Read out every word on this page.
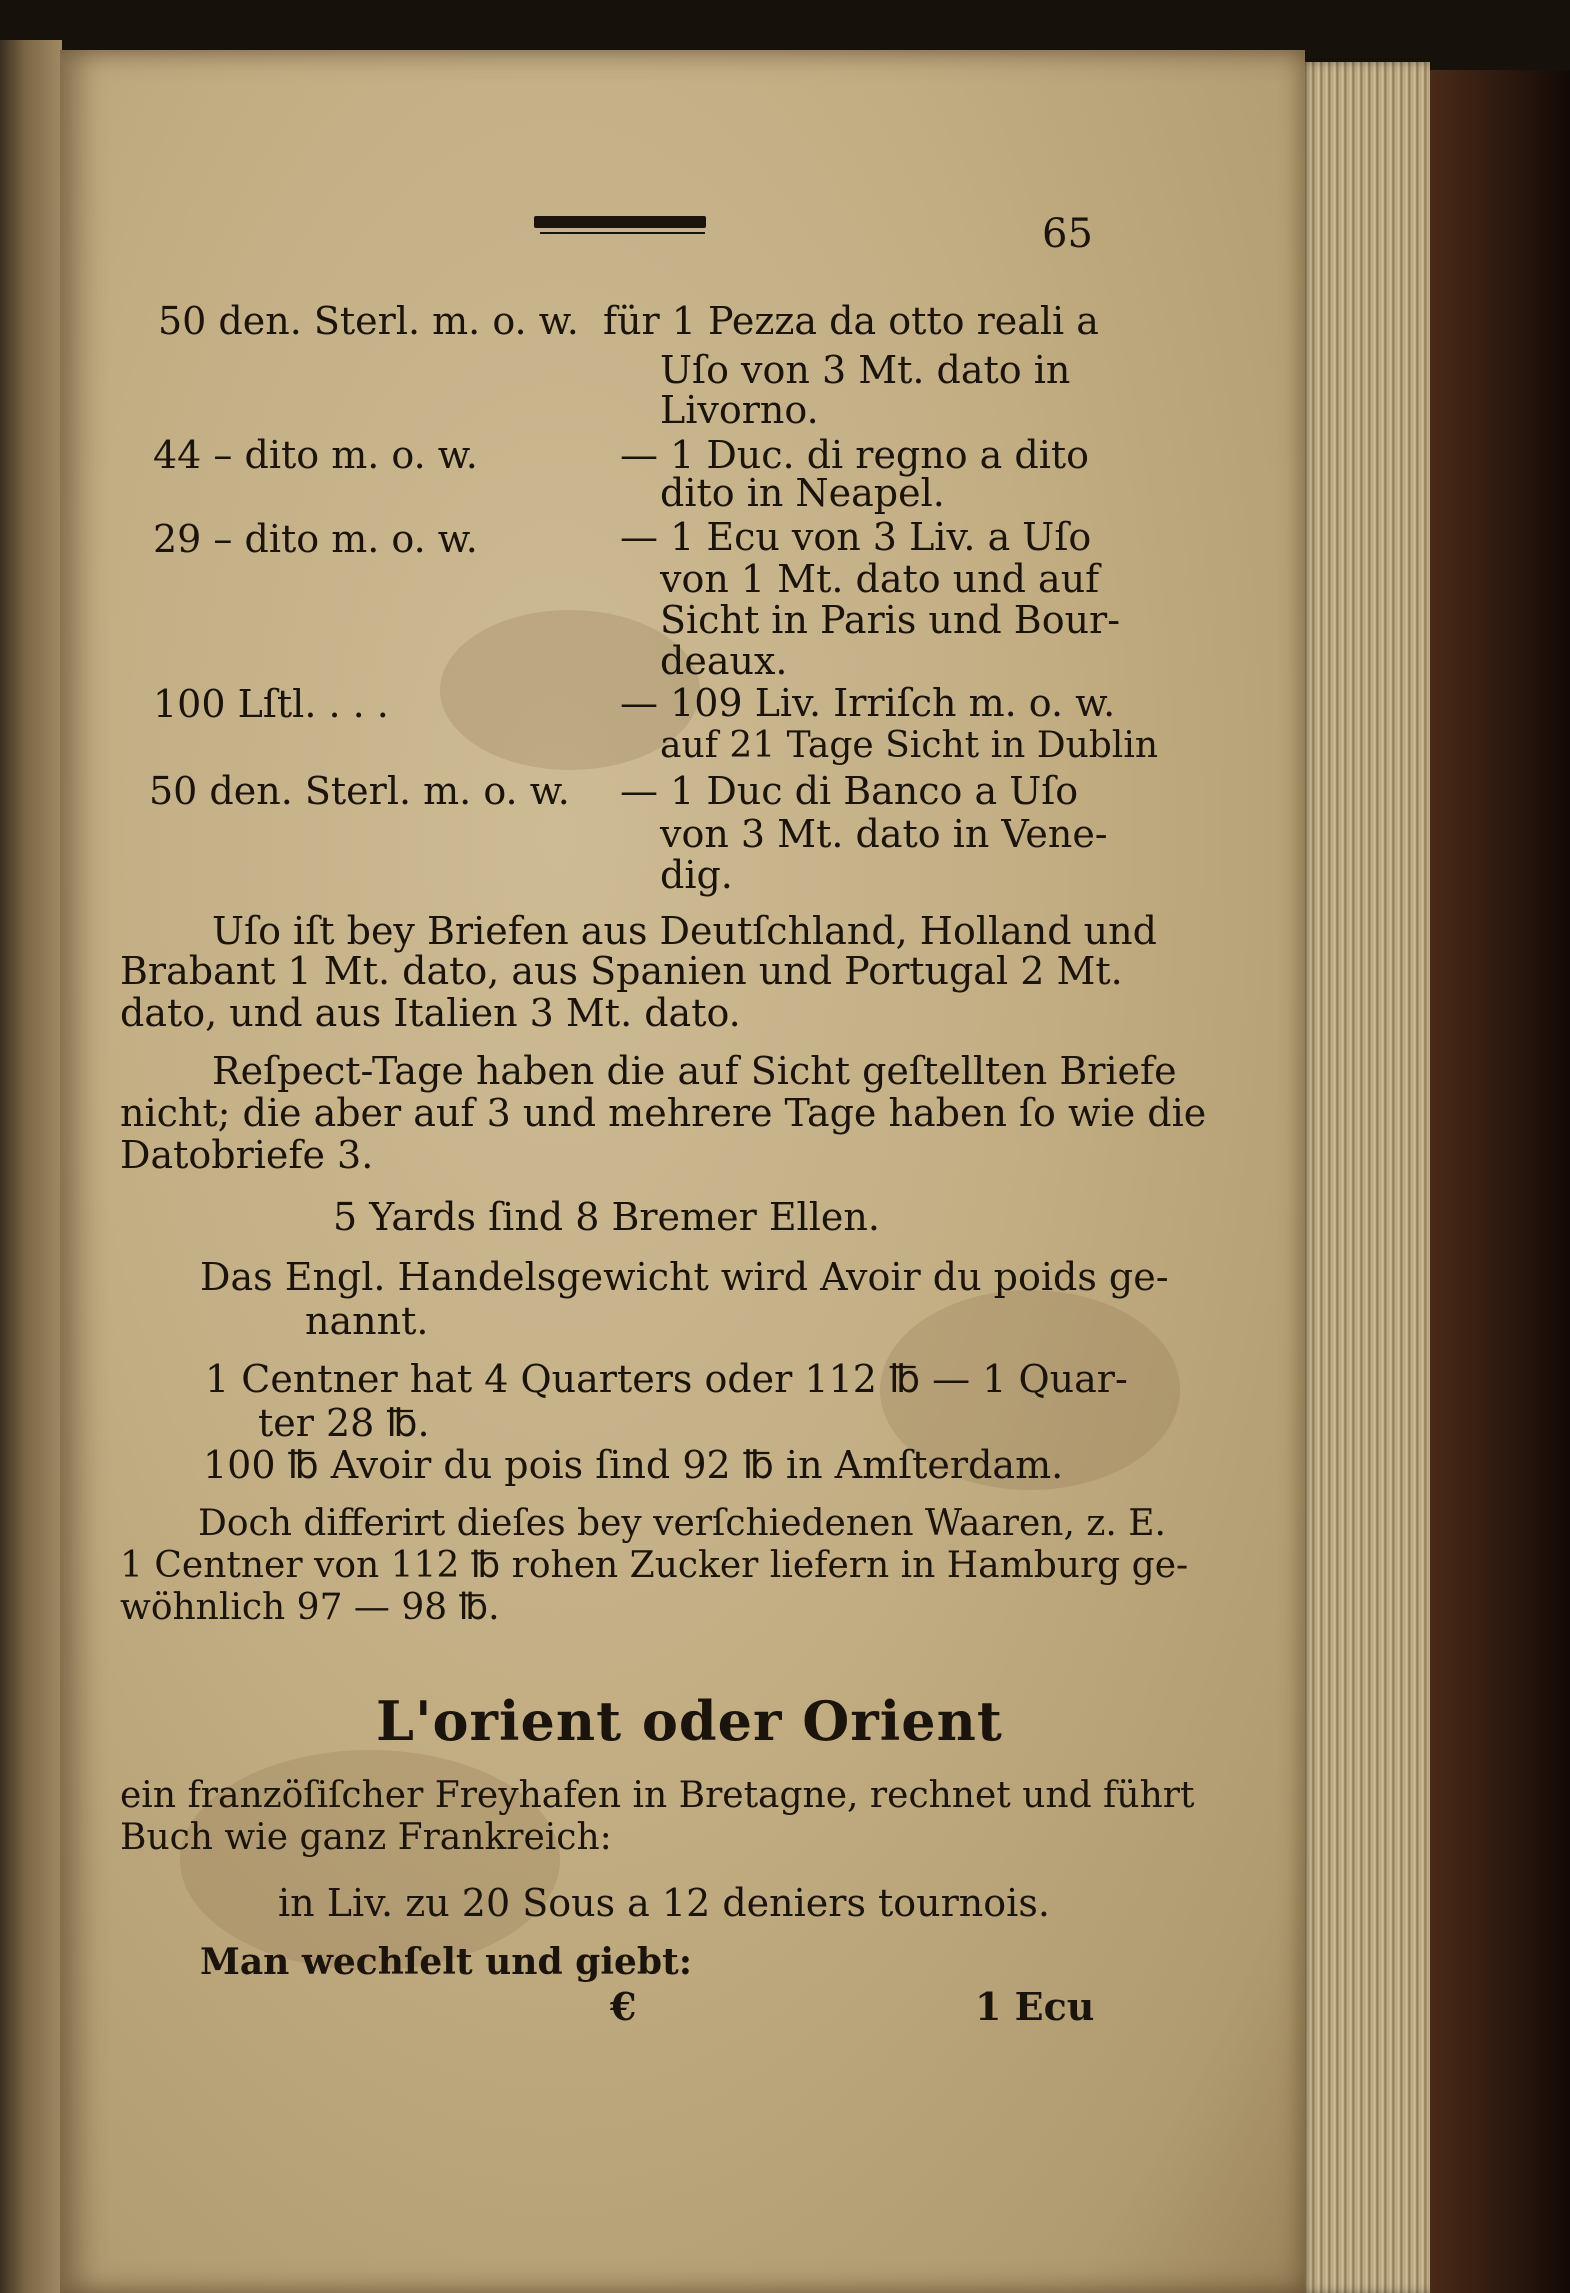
65
50 den. Sterl. m. o. w. für 1 Pezza da otto reali a
Uſo von 3 Mt. dato in
Livorno.
44 – dito m. o. w.	— 1 Duc. di regno a dito
dito in Neapel.
29 – dito m. o. w.	— 1 Ecu von 3 Liv. a Uſo
von 1 Mt. dato und auf
Sicht in Paris und Bour-
deaux.
100 Lſtl. . . .	— 109 Liv. Irriſch m. o. w.
auf 21 Tage Sicht in Dublin
50 den. Sterl. m. o. w. — 1 Duc di Banco a Uſo
von 3 Mt. dato in Vene-
dig.
Uſo iſt bey Briefen aus Deutſchland, Holland und
Brabant 1 Mt. dato, aus Spanien und Portugal 2 Mt.
dato, und aus Italien 3 Mt. dato.
Reſpect-Tage haben die auf Sicht geſtellten Briefe
nicht; die aber auf 3 und mehrere Tage haben ſo wie die
Datobriefe 3.
5 Yards ſind 8 Bremer Ellen.
Das Engl. Handelsgewicht wird Avoir du poids ge-
nannt.
1 Centner hat 4 Quarters oder 112 ℔ — 1 Quar-
ter 28 ℔.
100 ℔ Avoir du pois ſind 92 ℔ in Amſterdam.
Doch differirt dieſes bey verſchiedenen Waaren, z. E.
1 Centner von 112 ℔ rohen Zucker liefern in Hamburg ge-
wöhnlich 97 — 98 ℔.
L'orient oder Orient
ein franzöſiſcher Freyhafen in Bretagne, rechnet und führt
Buch wie ganz Frankreich:
in Liv. zu 20 Sous a 12 deniers tournois.
Man wechſelt und giebt:
€	1 Ecu
